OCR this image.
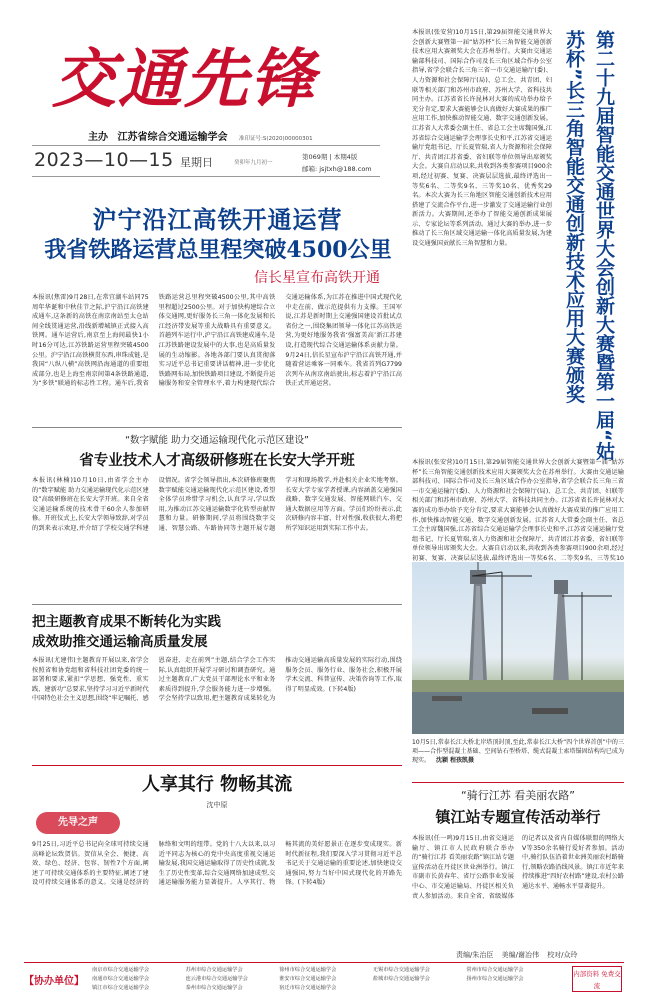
交通先锋
主办 江苏省综合交通运输学会 准印证号:S(2020)00000301
2023—10—15 星期日	癸卯年九月初一
第069期 | 本期4版
邮箱: jsjtxh@188.com
沪宁沿江高铁开通运营
我省铁路运营总里程突破4500公里
信长星宣布高铁开通
本报讯(焦雷)9月28日,在常宜湖车站同75周年华诞和中秋佳节之际,沪宁沿江高铁建成通车,这条新的高铁在南京南站至太仓站间全线贯通运营,沿线新增城镇正式接入高铁网。通车运营后,南京至上海间最快1小时16分可达,江苏铁路运营里程突破4500公里。沪宁沿江高铁横贯东西,串珠成链,是我国“八纵八横”高铁网沿海通道的重要组成部分,也是上海至南京间第4条铁路通道,为“多铁”联通的标志性工程。通车后,我省铁路运营总里程突破4500公里,其中高铁里程超过2500公里。对于加快构建综合立体交通网,更好服务长三角一体化发展和长江经济带发展等重大战略具有重要意义。首趟列车运行中,沪宁沿江高铁建成通车,是江苏铁路建设发展中的大事,也是高质量发展的生动缩影。各地各部门要认真贯彻落实习近平总书记重要讲话精神,进一步优化铁路网布局,加快铁路项目建设,不断提升运输服务和安全管理水平,着力构建现代综合交通运输体系,为江苏在推进中国式现代化中走在前、做示范提供有力支撑。王国军说,江苏是新时期上交通强国建设首批试点省份之一,围绕集团领导一体化江苏高铁运营,为更好地服务我省‘强富美高’新江苏建设,打造现代综合交通运输体系贡献力量。9月24日,信长星宣布沪宁沿江高铁开通,并随着营运乘客一同乘车。我省首列G7799次列车从南京南站驶出,标志着沪宁沿江高铁正式开通运营。
“数字赋能 助力交通运输现代化示范区建设”
省专业技术人才高级研修班在长安大学开班
本报讯(林楠)10月10日,由省学会主办的“数字赋能 助力交通运输现代化示范区建设”高级研修班在长安大学开班。来自全省交通运输系统的技术骨干60余人参加研修。开班仪式上,长安大学领导致辞,对学员的到来表示欢迎,并介绍了学校交通学科建设情况。省学会领导指出,本次研修班聚焦数字赋能交通运输现代化示范区建设,希望全体学员珍惜学习机会,认真学习,学以致用,为推动江苏交通运输数字化转型贡献智慧和力量。研修期间,学员将围绕数字交通、智慧公路、车路协同等主题开展专题学习和现场教学,并赴相关企业实地考察。长安大学专家学者授课,内容涵盖交通强国战略、数字交通发展、智能网联汽车、交通大数据应用等方面。学员们纷纷表示,此次研修内容丰富、针对性强,收获很大,将把所学知识运用到实际工作中去。
把主题教育成果不断转化为实践成效助推交通运输高质量发展
本报讯(尤建伟)主题教育开展以来,省学会按照省和协党组和省科技社团党委的统一部署和要求,紧扣“学思想、强党性、重实践、建新功”总要求,坚持学习习近平新时代中国特色社会主义思想,围绕“牢记嘱托、感恩奋进、走在前列”主题,结合学会工作实际,认真组织开展学习研讨和调查研究。通过主题教育,广大党员干部理论水平和业务素质得到提升,学会服务能力进一步增强。学会坚持学以致用,把主题教育成果转化为推动交通运输高质量发展的实际行动,围绕服务会员、服务行业、服务社会,积极开展学术交流、科普宣传、决策咨询等工作,取得了明显成效。(下转4版)
人享其行 物畅其流
沈中原
先导之声
9月25日,习近平总书记向全球可持续交通高峰论坛致贺信。贺信从全会、便捷、高效、绿色、经济、包容、韧性7个方面,阐述了可持续交通体系的主要特征,阐述了建设可持续交通体系的意义。交通是经济的脉络和文明的纽带。党的十八大以来,以习近平同志为核心的党中央高度重视交通运输发展,我国交通运输取得了历史性成就,发生了历史性变革,综合交通网络加速成型,交通运输服务能力显著提升。人享其行、物畅其流的美好愿景正在逐步变成现实。新时代新征程,我们要深入学习贯彻习近平总书记关于交通运输的重要论述,加快建设交通强国,努力当好中国式现代化的开路先锋。(下转4版)
第二十九届智能交通世界大会创新大赛暨第一届“姑苏杯”长三角智能交通创新技术应用大赛颁奖
本报讯(张安营)10月15日,第29届智能交通世界大会创新大赛暨第一届“姑苏杯”长三角智能交通创新技术应用大赛颁奖大会在苏州举行。大赛由交通运输部科技司、国际合作司及长三角区域合作办公室指导,省学会联合长三角三省一市交通运输厅(委)、人力资源和社会保障厅(局)、总工会、共青团、妇联等相关部门和苏州市政府、苏州大学、省科技共同主办。江苏省省长许昆林对大赛的成功举办给予充分肯定,要求大赛能够会认真做好大赛成果的推广应用工作,加快推动智能交通、数字交通创新发展。江苏省人大常委会副主任、省总工会主席魏国强,江苏省综合交通运输学会理事长史和平,江苏省交通运输厅党组书记、厅长夏管瑞,省人力资源和社会保障厅、共青团江苏省委、省妇联等单位领导出席颁奖大会。大赛自启动以来,共收到各类参赛项目900余项,经过初赛、复赛、决赛层层选拔,最终评选出一等奖6名、二等奖9名、三等奖10名、优秀奖29名。本次大赛为长三角地区智能交通创新技术应用搭建了交流合作平台,进一步激发了交通运输行业创新活力。大赛期间,还举办了智能交通创新成果展示、专家论坛等系列活动。通过大赛的举办,进一步推动了长三角区域交通运输一体化高质量发展,为建设交通强国贡献长三角智慧和力量。
本报讯(张安营)10月15日,第29届智能交通世界大会创新大赛暨第一届“姑苏杯”长三角智能交通创新技术应用大赛颁奖大会在苏州举行。大赛由交通运输部科技司、国际合作司及长三角区域合作办公室指导,省学会联合长三角三省一市交通运输厅(委)、人力资源和社会保障厅(局)、总工会、共青团、妇联等相关部门和苏州市政府、苏州大学、省科技共同主办。江苏省省长许昆林对大赛的成功举办给予充分肯定,要求大赛能够会认真做好大赛成果的推广应用工作,加快推动智能交通、数字交通创新发展。江苏省人大常委会副主任、省总工会主席魏国强,江苏省综合交通运输学会理事长史和平,江苏省交通运输厅党组书记、厅长夏管瑞,省人力资源和社会保障厅、共青团江苏省委、省妇联等单位领导出席颁奖大会。大赛自启动以来,共收到各类参赛项目900余项,经过初赛、复赛、决赛层层选拔,最终评选出一等奖6名、二等奖9名、三等奖10
10月5日,常泰长江大桥北岸塔顶封顶,至此,常泰长江大桥“四个世界首创”中的三项——合作型混凝土基础、空间钻石型桥塔、缆式混凝土索塔锚固结构均已成为现实。 沈颖 程孩凯摄
“骑行江苏 看美丽农路”
镇江站专题宣传活动举行
本报讯(任一鸣)9月15日,由省交通运输厅、镇江市人民政府联合举办的“骑行江苏 看美丽农路”镇江站专题宣传活动在丹徒区世业洲举行。镇江市副市长黄春年、省厅公路事业发展中心、市交通运输局、丹徒区相关负责人参加活动。来自全省、省级媒体的记者以及省内自媒体联盟的网络大V等350余名骑行爱好者参加。活动中,骑行队伍沿着世业洲美丽农村路骑行,领略农路沿线风景。镇江市近年来持续推进“四好农村路”建设,农村公路通达水平、通畅水平显著提升。
责编/朱治臣 美编/谢冶伟 校对/众玲
【协办单位】
南京市综合交通运输学会	苏州市综合交通运输学会	徐州市综合交通运输学会	无锡市综合交通运输学会	常州市综合交通运输学会
南通市综合交通运输学会	连云港市综合交通运输学会	淮安市综合交通运输学会	盐城市综合交通运输学会	扬州市综合交通运输学会
镇江市综合交通运输学会	泰州市综合交通运输学会	宿迁市综合交通运输学会
内部资料 免费交流
